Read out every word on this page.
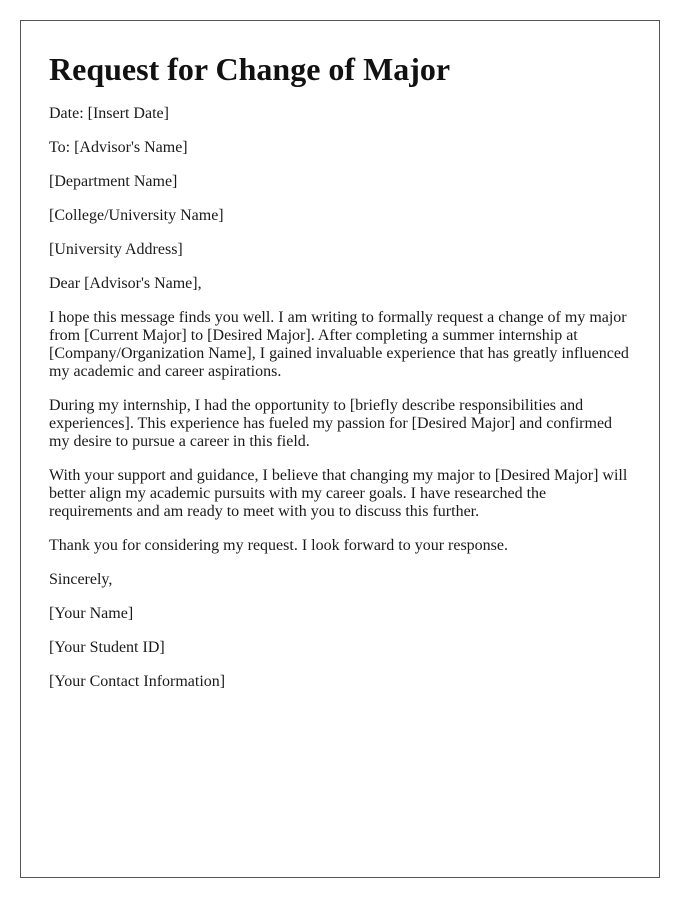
Request for Change of Major
Date: [Insert Date]
To: [Advisor's Name]
[Department Name]
[College/University Name]
[University Address]
Dear [Advisor's Name],

I hope this message finds you well. I am writing to formally request a change of my major from [Current Major] to [Desired Major]. After completing a summer internship at [Company/Organization Name], I gained invaluable experience that has greatly influenced my academic and career aspirations.

During my internship, I had the opportunity to [briefly describe responsibilities and experiences]. This experience has fueled my passion for [Desired Major] and confirmed my desire to pursue a career in this field.

With your support and guidance, I believe that changing my major to [Desired Major] will better align my academic pursuits with my career goals. I have researched the requirements and am ready to meet with you to discuss this further.

Thank you for considering my request. I look forward to your response.

Sincerely,
[Your Name]
[Your Student ID]
[Your Contact Information]
